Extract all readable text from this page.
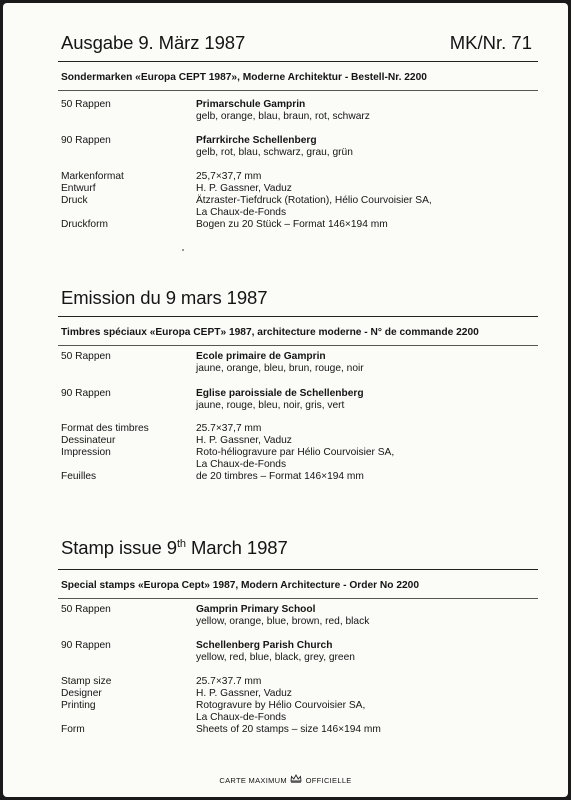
Ausgabe 9. März 1987	MK/Nr. 71
Sondermarken «Europa CEPT 1987», Moderne Architektur - Bestell-Nr. 2200
50 Rappen	Primarschule Gamprin
gelb, orange, blau, braun, rot, schwarz
90 Rappen	Pfarrkirche Schellenberg
gelb, rot, blau, schwarz, grau, grün
Markenformat	25,7×37,7 mm
Entwurf	H. P. Gassner, Vaduz
Druck	Ätzraster-Tiefdruck (Rotation), Hélio Courvoisier SA,
La Chaux-de-Fonds
Druckform	Bogen zu 20 Stück – Format 146×194 mm
Emission du 9 mars 1987
Timbres spéciaux «Europa CEPT» 1987, architecture moderne - N° de commande 2200
50 Rappen	Ecole primaire de Gamprin
jaune, orange, bleu, brun, rouge, noir
90 Rappen	Eglise paroissiale de Schellenberg
jaune, rouge, bleu, noir, gris, vert
Format des timbres	25.7×37,7 mm
Dessinateur	H. P. Gassner, Vaduz
Impression	Roto-héliogravure par Hélio Courvoisier SA,
La Chaux-de-Fonds
Feuilles	de 20 timbres – Format 146×194 mm
Stamp issue 9th March 1987
Special stamps «Europa Cept» 1987, Modern Architecture - Order No 2200
50 Rappen	Gamprin Primary School
yellow, orange, blue, brown, red, black
90 Rappen	Schellenberg Parish Church
yellow, red, blue, black, grey, green
Stamp size	25.7×37.7 mm
Designer	H. P. Gassner, Vaduz
Printing	Rotogravure by Hélio Courvoisier SA,
La Chaux-de-Fonds
Form	Sheets of 20 stamps – size 146×194 mm
CARTE MAXIMUM	OFFICIELLE
